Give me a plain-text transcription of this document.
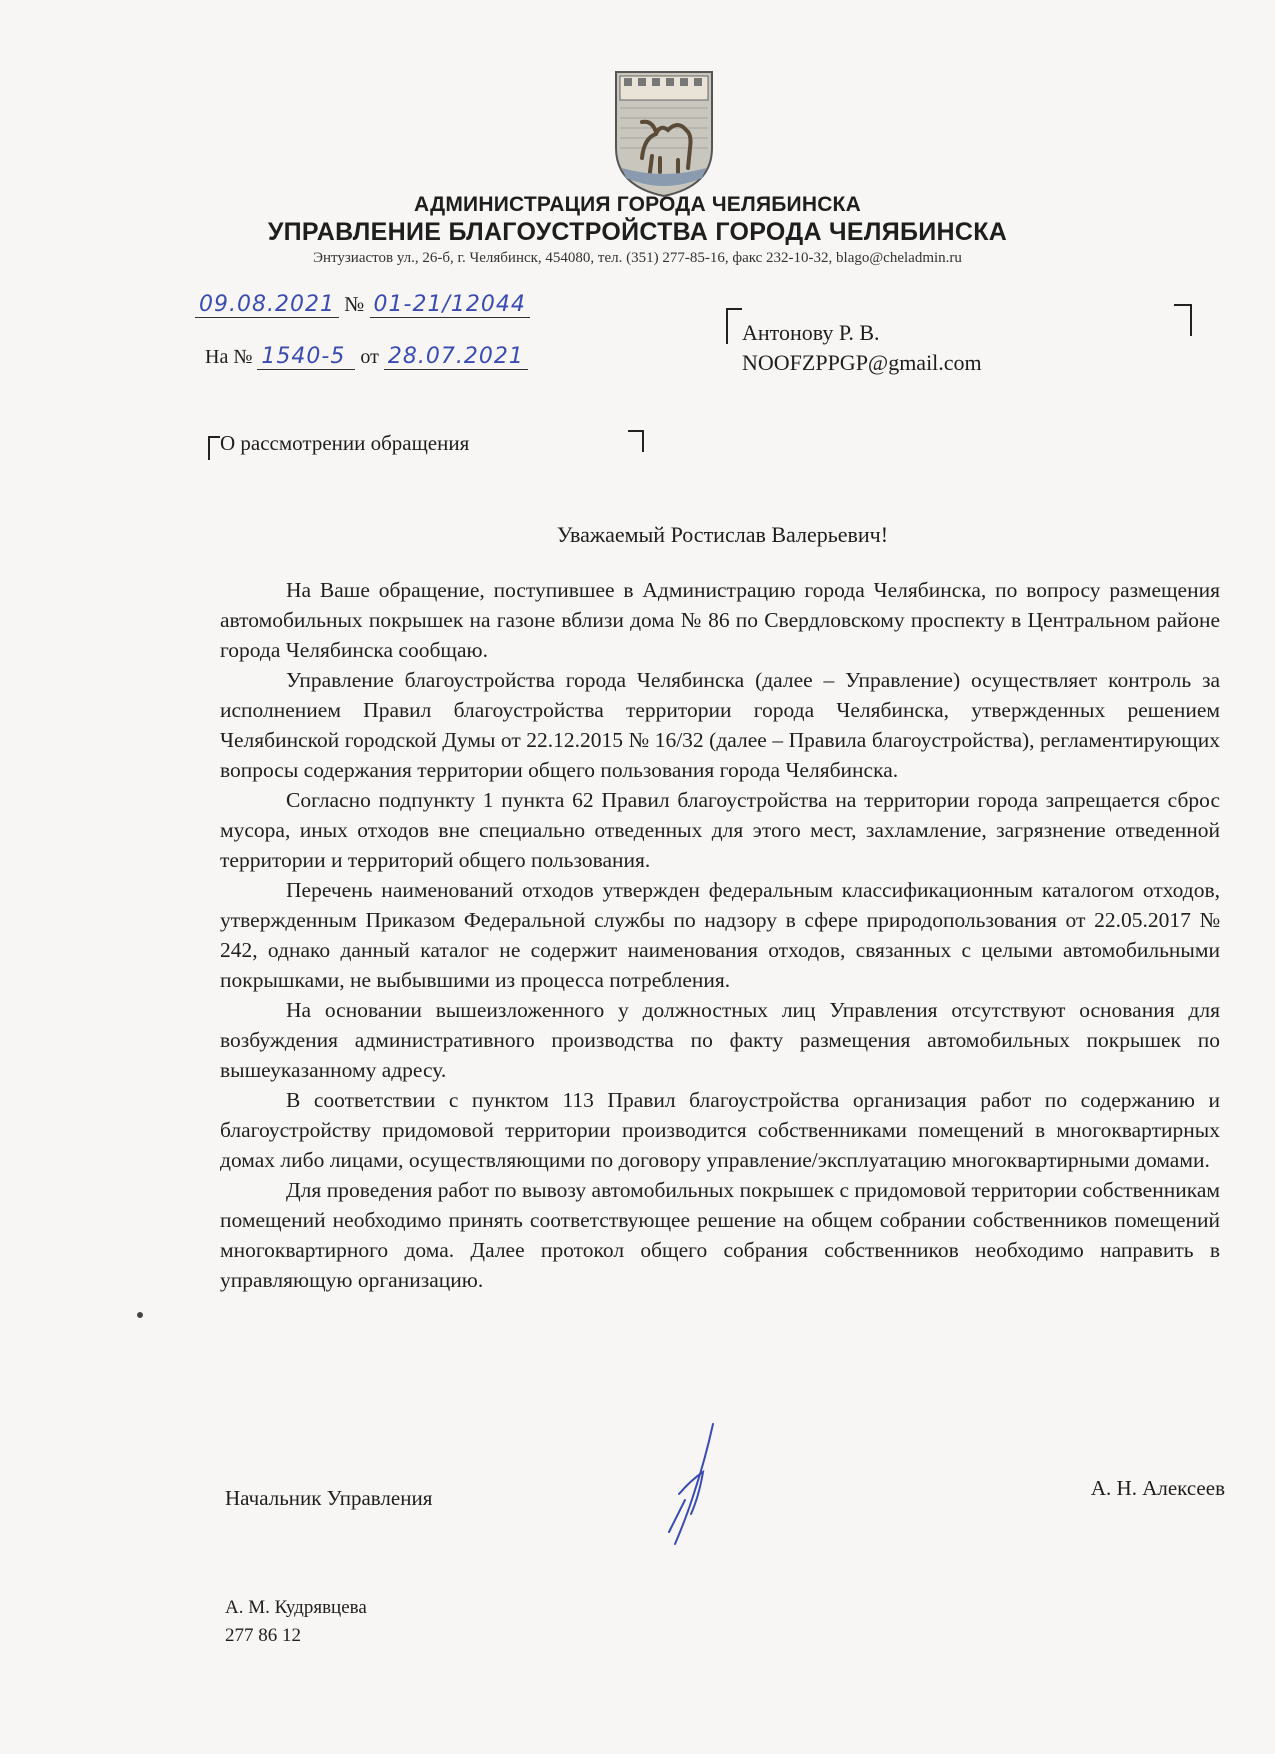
АДМИНИСТРАЦИЯ ГОРОДА ЧЕЛЯБИНСКА
УПРАВЛЕНИЕ БЛАГОУСТРОЙСТВА ГОРОДА ЧЕЛЯБИНСКА
Энтузиастов ул., 26-б, г. Челябинск, 454080, тел. (351) 277-85-16, факс 232-10-32, blago@cheladmin.ru
09.08.2021 № 01-21/12044
На № 1540-5 от 28.07.2021
Антонову Р. В.
NOOFZPPGP@gmail.com
О рассмотрении обращения
Уважаемый Ростислав Валерьевич!

На Ваше обращение, поступившее в Администрацию города Челябинска, по вопросу размещения автомобильных покрышек на газоне вблизи дома № 86 по Свердловскому проспекту в Центральном районе города Челябинска сообщаю.

Управление благоустройства города Челябинска (далее – Управление) осуществляет контроль за исполнением Правил благоустройства территории города Челябинска, утвержденных решением Челябинской городской Думы от 22.12.2015 № 16/32 (далее – Правила благоустройства), регламентирующих вопросы содержания территории общего пользования города Челябинска.

Согласно подпункту 1 пункта 62 Правил благоустройства на территории города запрещается сброс мусора, иных отходов вне специально отведенных для этого мест, захламление, загрязнение отведенной территории и территорий общего пользования.

Перечень наименований отходов утвержден федеральным классификационным каталогом отходов, утвержденным Приказом Федеральной службы по надзору в сфере природопользования от 22.05.2017 № 242, однако данный каталог не содержит наименования отходов, связанных с целыми автомобильными покрышками, не выбывшими из процесса потребления.

На основании вышеизложенного у должностных лиц Управления отсутствуют основания для возбуждения административного производства по факту размещения автомобильных покрышек по вышеуказанному адресу.

В соответствии с пунктом 113 Правил благоустройства организация работ по содержанию и благоустройству придомовой территории производится собственниками помещений в многоквартирных домах либо лицами, осуществляющими по договору управление/эксплуатацию многоквартирными домами.

Для проведения работ по вывозу автомобильных покрышек с придомовой территории собственникам помещений необходимо принять соответствующее решение на общем собрании собственников помещений многоквартирного дома. Далее протокол общего собрания собственников необходимо направить в управляющую организацию.

Начальник Управления	А. Н. Алексеев
А. М. Кудрявцева
277 86 12
